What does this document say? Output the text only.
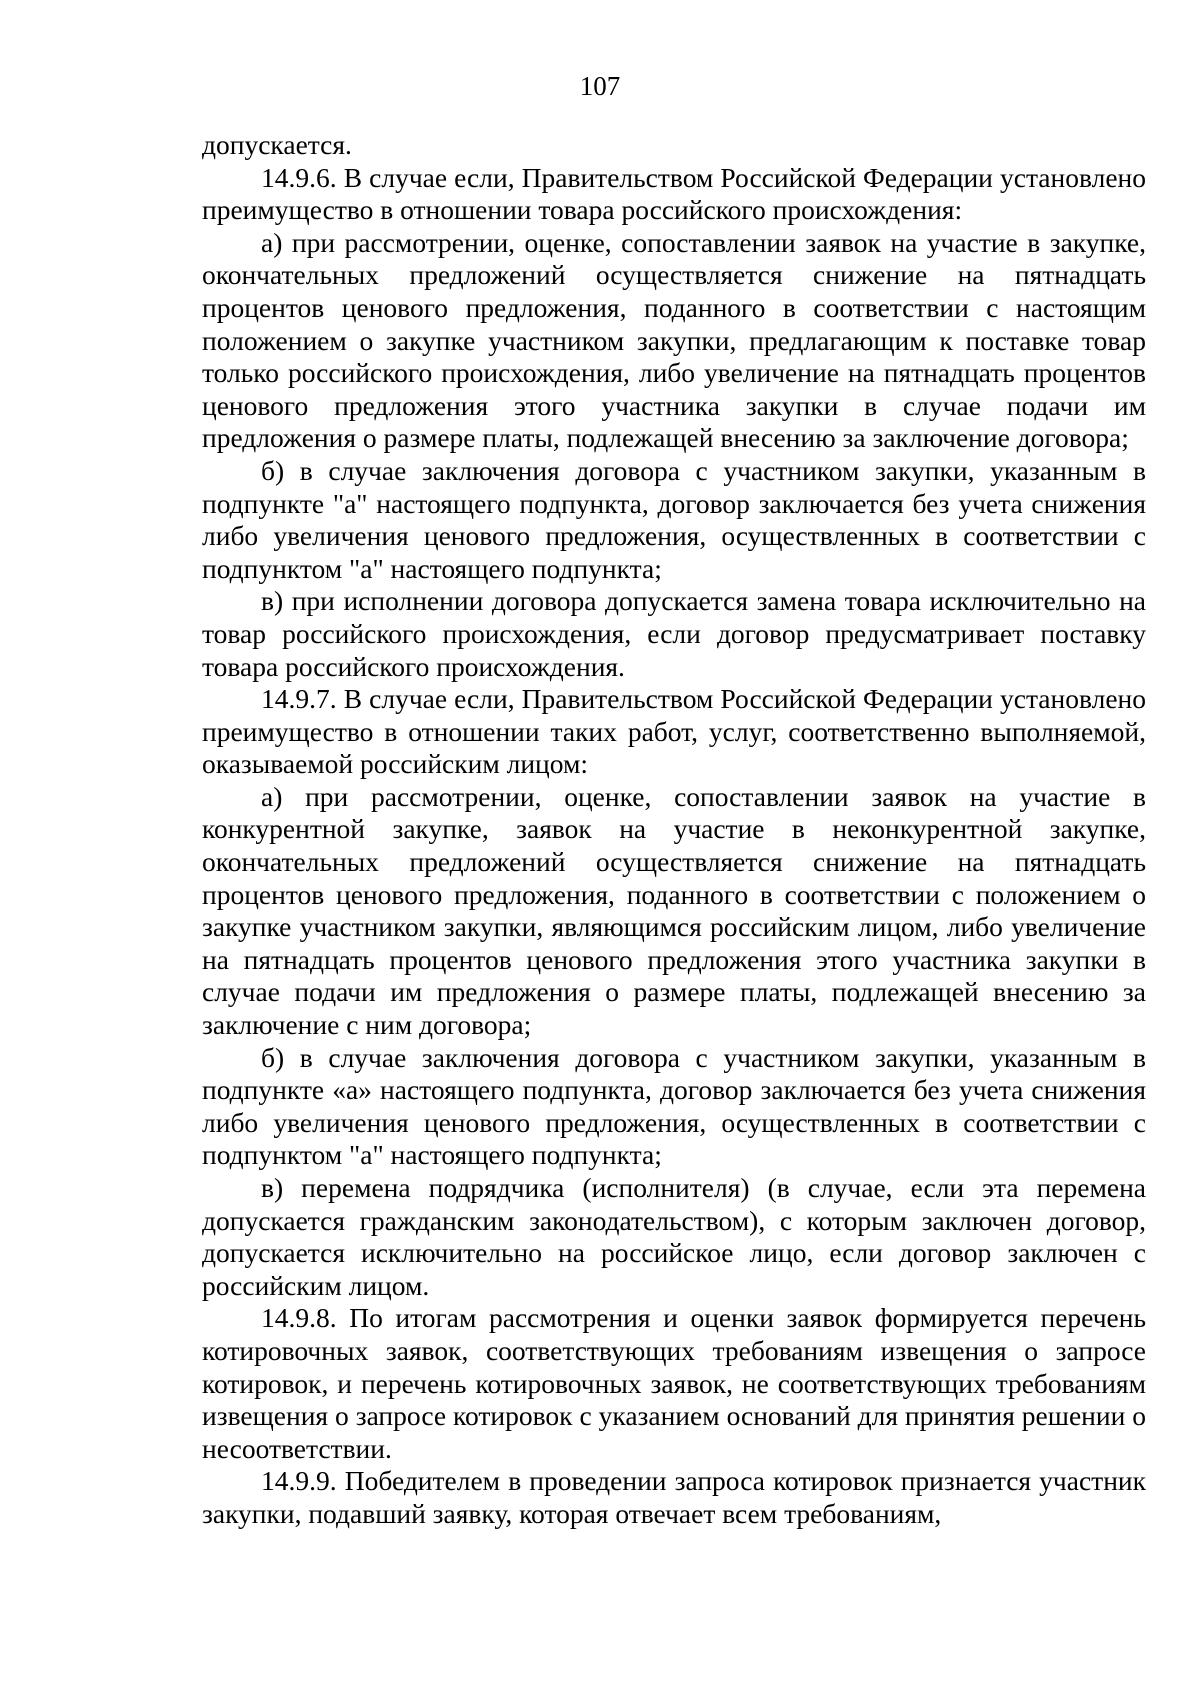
107

допускается.

14.9.6. В случае если, Правительством Российской Федерации установлено преимущество в отношении товара российского происхождения:

а) при рассмотрении, оценке, сопоставлении заявок на участие в закупке, окончательных предложений осуществляется снижение на пятнадцать процентов ценового предложения, поданного в соответствии с настоящим положением о закупке участником закупки, предлагающим к поставке товар только российского происхождения, либо увеличение на пятнадцать процентов ценового предложения этого участника закупки в случае подачи им предложения о размере платы, подлежащей внесению за заключение договора;

б) в случае заключения договора с участником закупки, указанным в подпункте "а" настоящего подпункта, договор заключается без учета снижения либо увеличения ценового предложения, осуществленных в соответствии с подпунктом "а" настоящего подпункта;

в) при исполнении договора допускается замена товара исключительно на товар российского происхождения, если договор предусматривает поставку товара российского происхождения.

14.9.7. В случае если, Правительством Российской Федерации установлено преимущество в отношении таких работ, услуг, соответственно выполняемой, оказываемой российским лицом:

а) при рассмотрении, оценке, сопоставлении заявок на участие в конкурентной закупке, заявок на участие в неконкурентной закупке, окончательных предложений осуществляется снижение на пятнадцать процентов ценового предложения, поданного в соответствии с положением о закупке участником закупки, являющимся российским лицом, либо увеличение на пятнадцать процентов ценового предложения этого участника закупки в случае подачи им предложения о размере платы, подлежащей внесению за заключение с ним договора;

б) в случае заключения договора с участником закупки, указанным в подпункте «а» настоящего подпункта, договор заключается без учета снижения либо увеличения ценового предложения, осуществленных в соответствии с подпунктом "а" настоящего подпункта;

в) перемена подрядчика (исполнителя) (в случае, если эта перемена допускается гражданским законодательством), с которым заключен договор, допускается исключительно на российское лицо, если договор заключен с российским лицом.

14.9.8. По итогам рассмотрения и оценки заявок формируется перечень котировочных заявок, соответствующих требованиям извещения о запросе котировок, и перечень котировочных заявок, не соответствующих требованиям извещения о запросе котировок с указанием оснований для принятия решении о несоответствии.

14.9.9. Победителем в проведении запроса котировок признается участник закупки, подавший заявку, которая отвечает всем требованиям,
